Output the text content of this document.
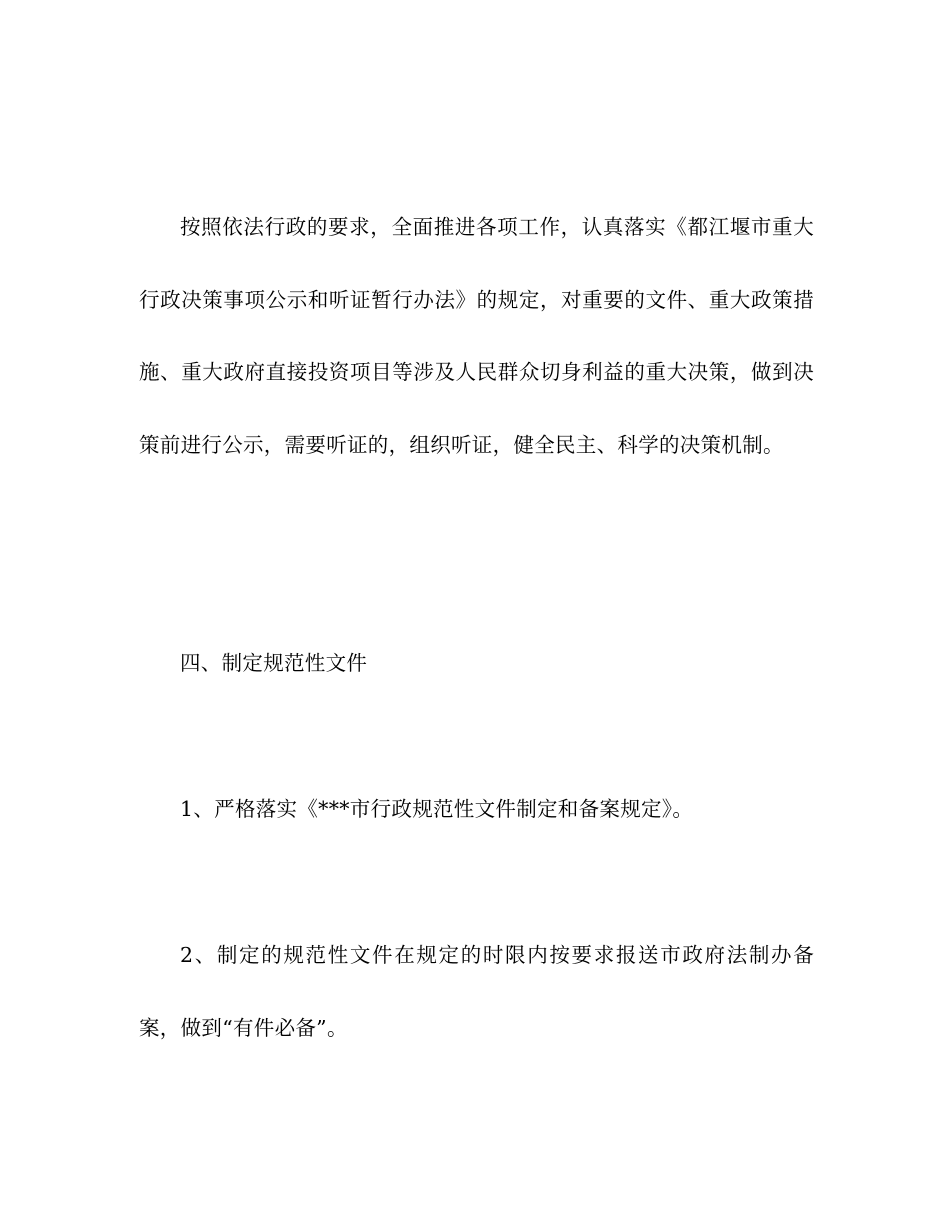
按照依法行政的要求，全面推进各项工作，认真落实《都江堰市重大行政决策事项公示和听证暂行办法》的规定，对重要的文件、重大政策措施、重大政府直接投资项目等涉及人民群众切身利益的重大决策，做到决策前进行公示，需要听证的，组织听证，健全民主、科学的决策机制。

四、制定规范性文件

1、严格落实《***市行政规范性文件制定和备案规定》。

2、制定的规范性文件在规定的时限内按要求报送市政府法制办备案，做到“有件必备”。
